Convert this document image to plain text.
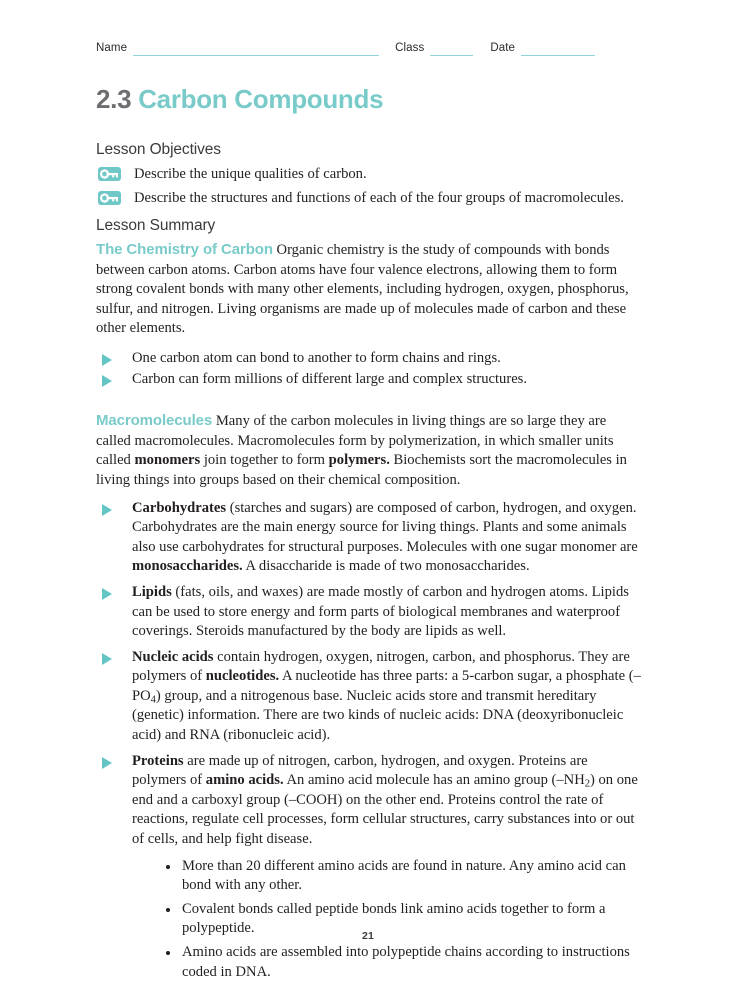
Name	Class	Date
2.3 Carbon Compounds
Lesson Objectives
Describe the unique qualities of carbon.
Describe the structures and functions of each of the four groups of macromolecules.
Lesson Summary

The Chemistry of Carbon Organic chemistry is the study of compounds with bonds between carbon atoms. Carbon atoms have four valence electrons, allowing them to form strong covalent bonds with many other elements, including hydrogen, oxygen, phosphorus, sulfur, and nitrogen. Living organisms are made up of molecules made of carbon and these other elements.

One carbon atom can bond to another to form chains and rings.
Carbon can form millions of different large and complex structures.

Macromolecules Many of the carbon molecules in living things are so large they are called macromolecules. Macromolecules form by polymerization, in which smaller units called monomers join together to form polymers. Biochemists sort the macromolecules in living things into groups based on their chemical composition.

Carbohydrates (starches and sugars) are composed of carbon, hydrogen, and oxygen. Carbohydrates are the main energy source for living things. Plants and some animals also use carbohydrates for structural purposes. Molecules with one sugar monomer are monosaccharides. A disaccharide is made of two monosaccharides.
Lipids (fats, oils, and waxes) are made mostly of carbon and hydrogen atoms. Lipids can be used to store energy and form parts of biological membranes and waterproof coverings. Steroids manufactured by the body are lipids as well.
Nucleic acids contain hydrogen, oxygen, nitrogen, carbon, and phosphorus. They are polymers of nucleotides. A nucleotide has three parts: a 5-carbon sugar, a phosphate $(-PO_4)$ group, and a nitrogenous base. Nucleic acids store and transmit hereditary (genetic) information. There are two kinds of nucleic acids: DNA (deoxyribonucleic acid) and RNA (ribonucleic acid).
Proteins are made up of nitrogen, carbon, hydrogen, and oxygen. Proteins are polymers of amino acids. An amino acid molecule has an amino group $(-NH_2)$ on one end and a carboxyl group (–COOH) on the other end. Proteins control the rate of reactions, regulate cell processes, form cellular structures, carry substances into or out of cells, and help fight disease.
More than 20 different amino acids are found in nature. Any amino acid can bond with any other.
Covalent bonds called peptide bonds link amino acids together to form a polypeptide.
Amino acids are assembled into polypeptide chains according to instructions coded in DNA.
21
